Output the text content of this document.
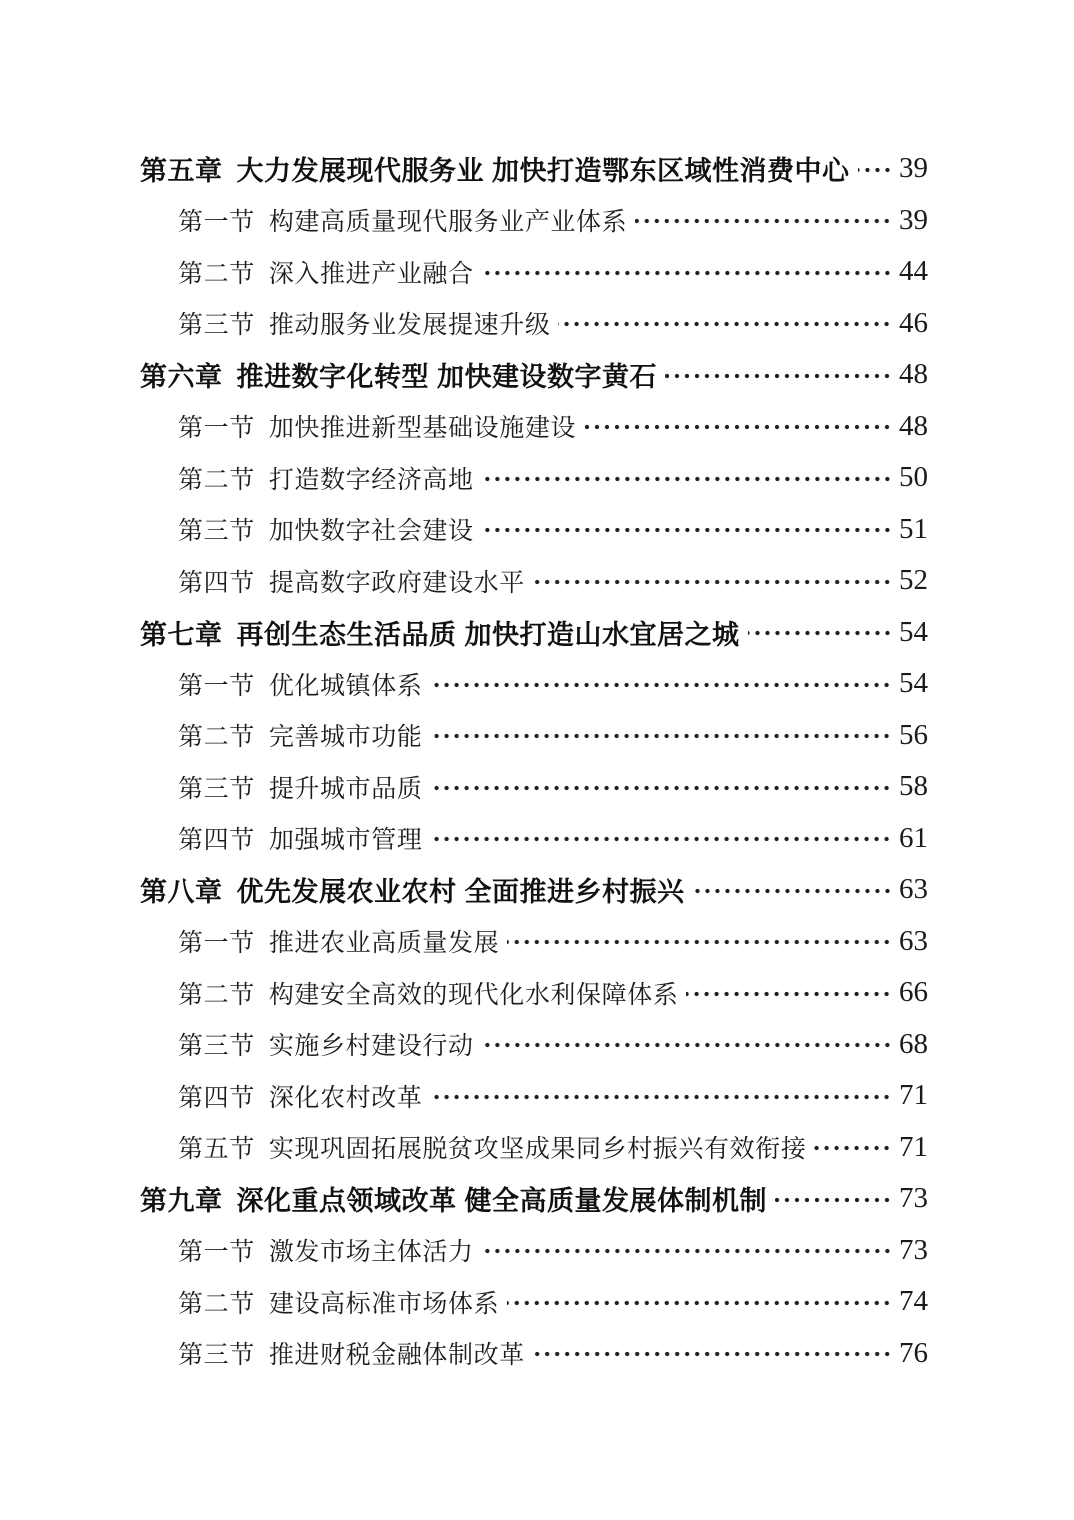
第五章 大力发展现代服务业 加快打造鄂东区域性消费中心 39
第一节 构建高质量现代服务业产业体系	39
第二节 深入推进产业融合	44
第三节 推动服务业发展提速升级	46
第六章 推进数字化转型 加快建设数字黄石	48
第一节 加快推进新型基础设施建设	48
第二节 打造数字经济高地	50
第三节 加快数字社会建设	51
第四节 提高数字政府建设水平	52
第七章 再创生态生活品质 加快打造山水宜居之城	54
第一节 优化城镇体系	54
第二节 完善城市功能	56
第三节 提升城市品质	58
第四节 加强城市管理	61
第八章 优先发展农业农村 全面推进乡村振兴	63
第一节 推进农业高质量发展	63
第二节 构建安全高效的现代化水利保障体系	66
第三节 实施乡村建设行动	68
第四节 深化农村改革	71
第五节 实现巩固拓展脱贫攻坚成果同乡村振兴有效衔接	71
第九章 深化重点领域改革 健全高质量发展体制机制	73
第一节 激发市场主体活力	73
第二节 建设高标准市场体系	74
第三节 推进财税金融体制改革	76
